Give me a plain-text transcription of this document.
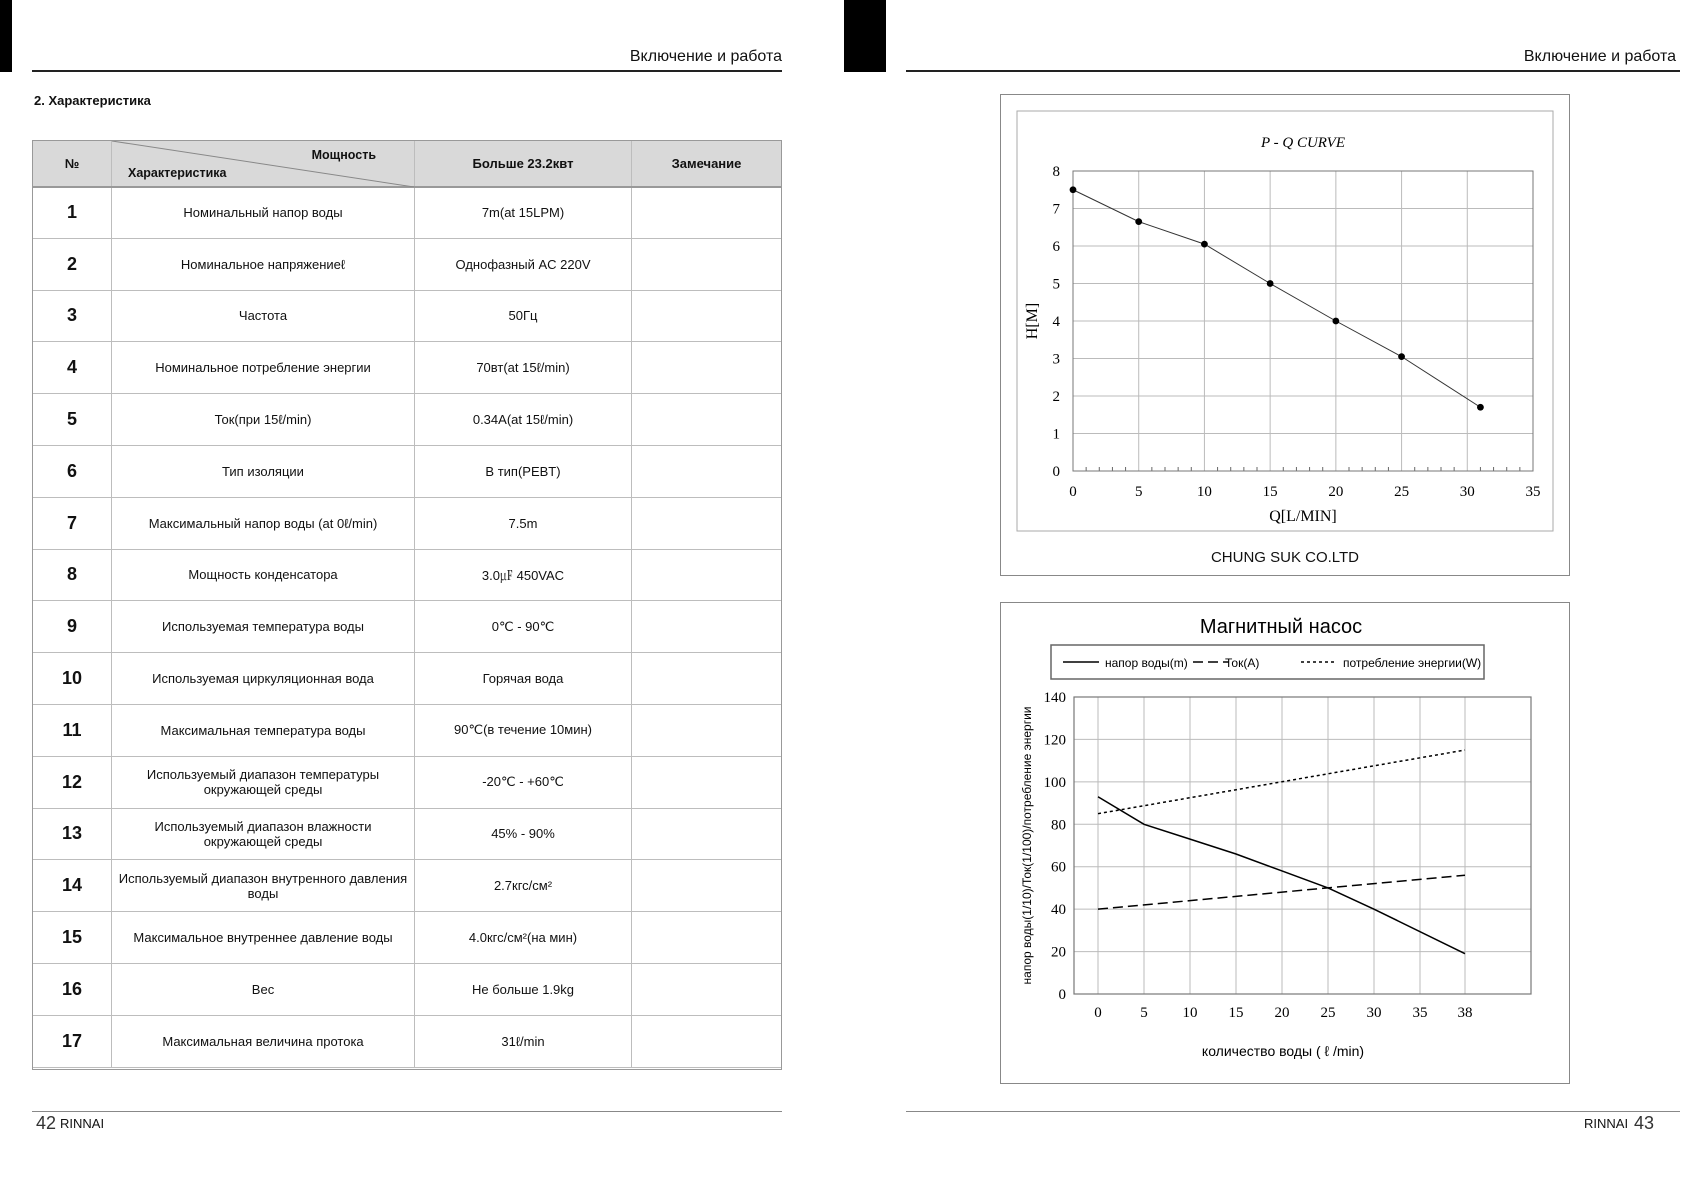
Включение и работа
2. Характеристика
№	Мощность
Характеристика	Больше 23.2квт	Замечание
1	Номинальный напор воды	7m(at 15LPM)	
2	Номинальное напряжениеℓ	Однофазный AC 220V	
3	Частота	50Гц	
4	Номинальное потребление энергии	70вт(at 15ℓ/min)	
5	Ток(при 15ℓ/min)	0.34A(at 15ℓ/min)	
6	Тип изоляции	B тип(PEBT)	
7	Максимальный напор воды (at 0ℓ/min)	7.5m	
8	Мощность конденсатора	3.0㎌ 450VAC	
9	Используемая температура воды	0℃ - 90℃	
10	Используемая циркуляционная вода	Горячая вода	
11	Максимальная температура воды	90℃(в течение 10мин)	
12	Используемый диапазон температуры окружающей среды	-20℃ - +60℃	
13	Используемый диапазон влажности окружающей среды	45% - 90%	
14	Используемый диапазон внутренного давления воды	2.7кгс/см²	
15	Максимальное внутреннее давление воды	4.0кгс/см²(на мин)	
16	Вес	Не больше 1.9kg	
17	Максимальная величина протока	31ℓ/min	
42 RINNAI
Включение и работа
0	5	10	15	20	25	30	35
0
1
2
3
4
5
6
7
8
P - Q CURVE
Q[L/MIN]
H[M]
CHUNG SUK CO.LTD
Магнитный насос
напор воды(m)	Ток(A)	потребление энергии(W)
0	5 10 15 20 25 30 35 38
0
20
40
60
80
100
120
140
количество воды ( ℓ /min)
напор воды(1/10)/Ток(1/100)/потребление энергии
RINNAI 43
